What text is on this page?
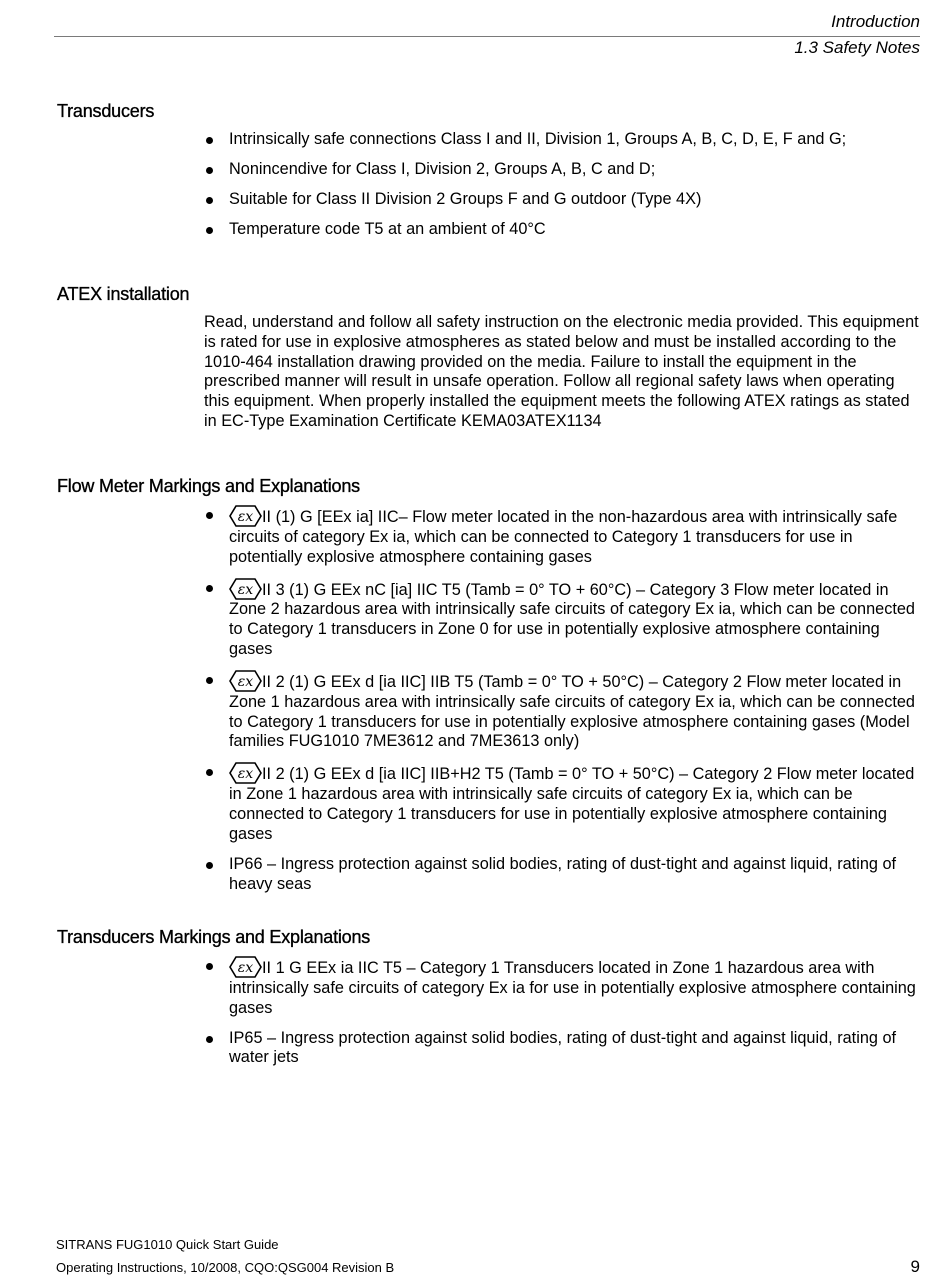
Introduction
1.3 Safety Notes
Transducers
Intrinsically safe connections Class I and II, Division 1, Groups A, B, C, D, E, F and G;
Nonincendive for Class I, Division 2, Groups A, B, C and D;
Suitable for Class II Division 2 Groups F and G outdoor (Type 4X)
Temperature code T5 at an ambient of 40°C
ATEX installation

Read, understand and follow all safety instruction on the electronic media provided. This equipment is rated for use in explosive atmospheres as stated below and must be installed according to the 1010-464 installation drawing provided on the media. Failure to install the equipment in the prescribed manner will result in unsafe operation. Follow all regional safety laws when operating this equipment. When properly installed the equipment meets the following ATEX ratings as stated in EC-Type Examination Certificate KEMA03ATEX1134

Flow Meter Markings and Explanations
εx II (1) G [EEx ia] IIC– Flow meter located in the non-hazardous area with intrinsically safe circuits of category Ex ia, which can be connected to Category 1 transducers for use in potentially explosive atmosphere containing gases
εx II 3 (1) G EEx nC [ia] IIC T5 (Tamb = 0° TO + 60°C) – Category 3 Flow meter located in Zone 2 hazardous area with intrinsically safe circuits of category Ex ia, which can be connected to Category 1 transducers in Zone 0 for use in potentially explosive atmosphere containing gases
εx II 2 (1) G EEx d [ia IIC] IIB T5 (Tamb = 0° TO + 50°C) – Category 2 Flow meter located in Zone 1 hazardous area with intrinsically safe circuits of category Ex ia, which can be connected to Category 1 transducers for use in potentially explosive atmosphere containing gases (Model families FUG1010 7ME3612 and 7ME3613 only)
εx II 2 (1) G EEx d [ia IIC] IIB+H2 T5 (Tamb = 0° TO + 50°C) – Category 2 Flow meter located in Zone 1 hazardous area with intrinsically safe circuits of category Ex ia, which can be connected to Category 1 transducers for use in potentially explosive atmosphere containing gases
IP66 – Ingress protection against solid bodies, rating of dust-tight and against liquid, rating of heavy seas
Transducers Markings and Explanations
εx II 1 G EEx ia IIC T5 – Category 1 Transducers located in Zone 1 hazardous area with intrinsically safe circuits of category Ex ia for use in potentially explosive atmosphere containing gases
IP65 – Ingress protection against solid bodies, rating of dust-tight and against liquid, rating of water jets
SITRANS FUG1010 Quick Start Guide
Operating Instructions, 10/2008, CQO:QSG004 Revision B	9
